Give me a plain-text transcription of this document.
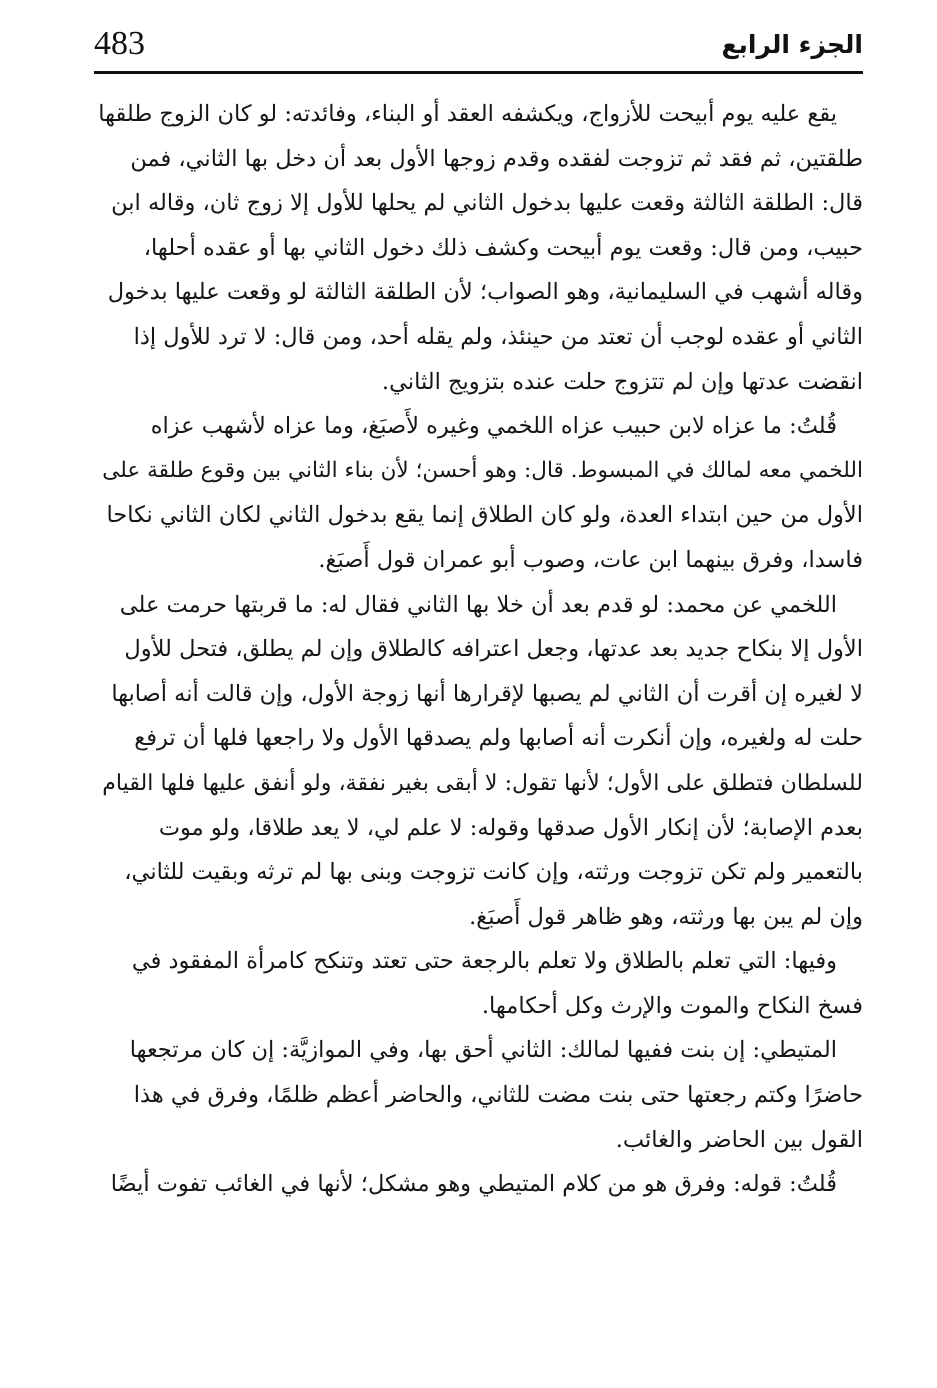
483	الجزء الرابع
يقع عليه يوم أبيحت للأزواج، ويكشفه العقد أو البناء، وفائدته: لو كان الزوج طلقها
طلقتين، ثم فقد ثم تزوجت لفقده وقدم زوجها الأول بعد أن دخل بها الثاني، فمن
قال: الطلقة الثالثة وقعت عليها بدخول الثاني لم يحلها للأول إلا زوج ثان، وقاله ابن
حبيب، ومن قال: وقعت يوم أبيحت وكشف ذلك دخول الثاني بها أو عقده أحلها،
وقاله أشهب في السليمانية، وهو الصواب؛ لأن الطلقة الثالثة لو وقعت عليها بدخول
الثاني أو عقده لوجب أن تعتد من حينئذ، ولم يقله أحد، ومن قال: لا ترد للأول إذا
انقضت عدتها وإن لم تتزوج حلت عنده بتزويج الثاني.
قُلتُ: ما عزاه لابن حبيب عزاه اللخمي وغيره لأَصبَغ، وما عزاه لأشهب عزاه
اللخمي معه لمالك في المبسوط. قال: وهو أحسن؛ لأن بناء الثاني بين وقوع طلقة على
الأول من حين ابتداء العدة، ولو كان الطلاق إنما يقع بدخول الثاني لكان الثاني نكاحا
فاسدا، وفرق بينهما ابن عات، وصوب أبو عمران قول أَصبَغ.
اللخمي عن محمد: لو قدم بعد أن خلا بها الثاني فقال له: ما قربتها حرمت على
الأول إلا بنكاح جديد بعد عدتها، وجعل اعترافه كالطلاق وإن لم يطلق، فتحل للأول
لا لغيره إن أقرت أن الثاني لم يصبها لإقرارها أنها زوجة الأول، وإن قالت أنه أصابها
حلت له ولغيره، وإن أنكرت أنه أصابها ولم يصدقها الأول ولا راجعها فلها أن ترفع
للسلطان فتطلق على الأول؛ لأنها تقول: لا أبقى بغير نفقة، ولو أنفق عليها فلها القيام
بعدم الإصابة؛ لأن إنكار الأول صدقها وقوله: لا علم لي، لا يعد طلاقا، ولو موت
بالتعمير ولم تكن تزوجت ورثته، وإن كانت تزوجت وبنى بها لم ترثه وبقيت للثاني،
وإن لم يبن بها ورثته، وهو ظاهر قول أَصبَغ.
وفيها: التي تعلم بالطلاق ولا تعلم بالرجعة حتى تعتد وتنكح كامرأة المفقود في
فسخ النكاح والموت والإرث وكل أحكامها.
المتيطي: إن بنت ففيها لمالك: الثاني أحق بها، وفي الموازيَّة: إن كان مرتجعها
حاضرًا وكتم رجعتها حتى بنت مضت للثاني، والحاضر أعظم ظلمًا، وفرق في هذا
القول بين الحاضر والغائب.
قُلتُ: قوله: وفرق هو من كلام المتيطي وهو مشكل؛ لأنها في الغائب تفوت أيضًا
